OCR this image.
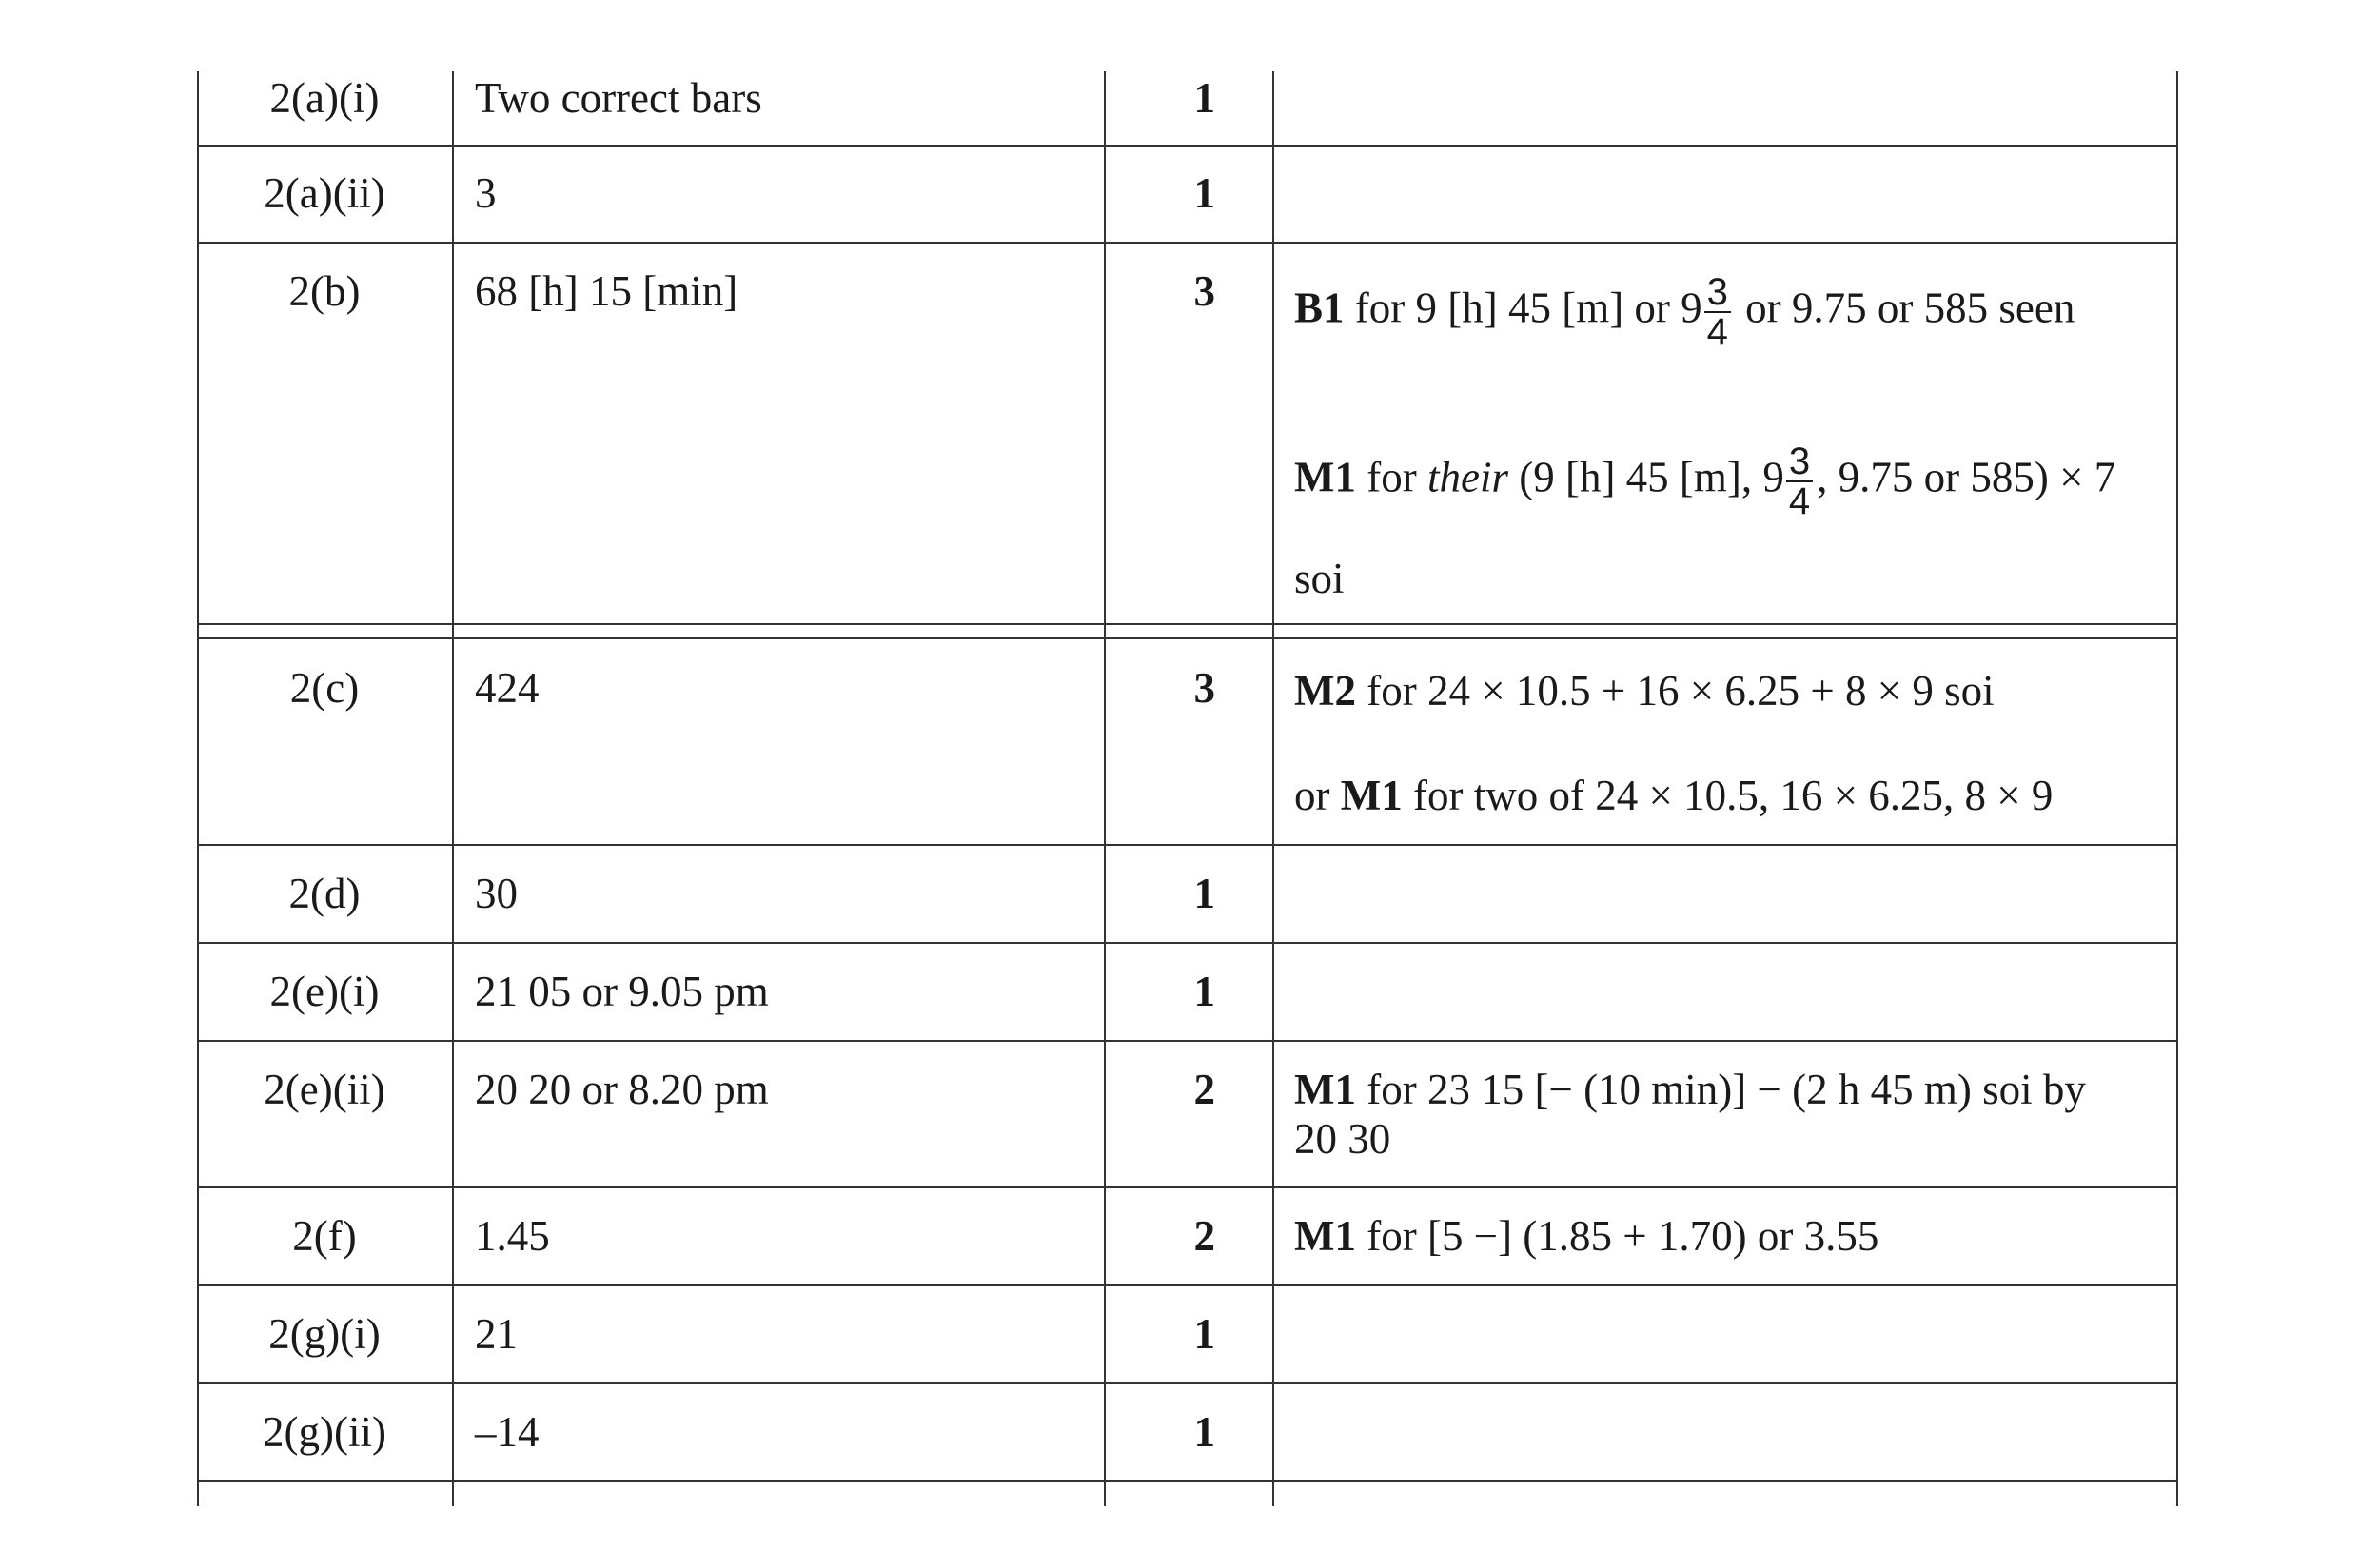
2(a)(i)	Two correct bars	1
2(a)(ii)	3	1
2(b)	68 [h] 15 [min]	3 B1 for 9 [h] 45 [m] or $9 \frac{3}{4}$ or 9.75 or 585 seen
M1 for their (9 [h] 45 [m], $9 \frac{3}{4}$ , 9.75 or 585) × 7
soi
2(c)	424	3 M2 for 24 × 10.5 + 16 × 6.25 + 8 × 9 soi
or M1 for two of 24 × 10.5, 16 × 6.25, 8 × 9
2(d)	30	1
2(e)(i)	21 05 or 9.05 pm	1
2(e)(ii)	20 20 or 8.20 pm	2 M1 for 23 15 [− (10 min)] − (2 h 45 m) soi by
20 30
2(f)	1.45	2 M1 for [5 −] (1.85 + 1.70) or 3.55
2(g)(i)	21	1
2(g)(ii)	–14	1
